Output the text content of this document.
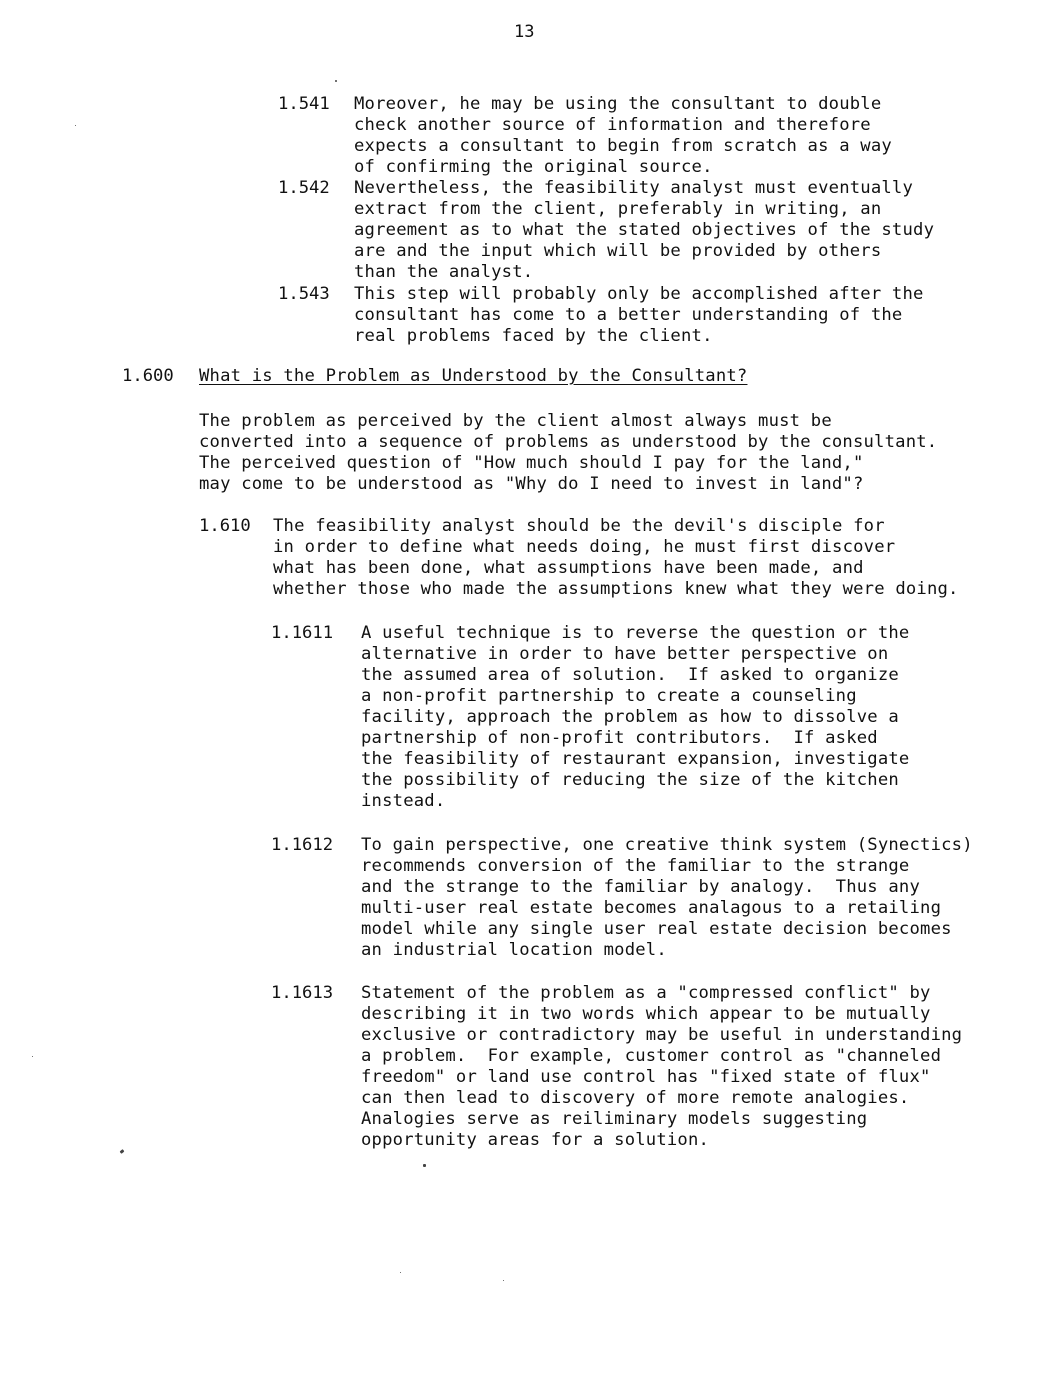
13
1.541 Moreover, he may be using the consultant to double
check another source of information and therefore
expects a consultant to begin from scratch as a way
of confirming the original source.

1.542 Nevertheless, the feasibility analyst must eventually
extract from the client, preferably in writing, an
agreement as to what the stated objectives of the study
are and the input which will be provided by others
than the analyst.

1.543 This step will probably only be accomplished after the
consultant has come to a better understanding of the
real problems faced by the client.

1.600 What is the Problem as Understood by the Consultant?

The problem as perceived by the client almost always must be
converted into a sequence of problems as understood by the consultant.
The perceived question of "How much should I pay for the land,"
may come to be understood as "Why do I need to invest in land"?

1.610 The feasibility analyst should be the devil's disciple for
in order to define what needs doing, he must first discover
what has been done, what assumptions have been made, and
whether those who made the assumptions knew what they were doing.

1.1611 A useful technique is to reverse the question or the
alternative in order to have better perspective on
the assumed area of solution.  If asked to organize
a non-profit partnership to create a counseling
facility, approach the problem as how to dissolve a
partnership of non-profit contributors.  If asked
the feasibility of restaurant expansion, investigate
the possibility of reducing the size of the kitchen
instead.

1.1612 To gain perspective, one creative think system (Synectics)
recommends conversion of the familiar to the strange
and the strange to the familiar by analogy.  Thus any
multi-user real estate becomes analagous to a retailing
model while any single user real estate decision becomes
an industrial location model.

1.1613 Statement of the problem as a "compressed conflict" by
describing it in two words which appear to be mutually
exclusive or contradictory may be useful in understanding
a problem.  For example, customer control as "channeled
freedom" or land use control has "fixed state of flux"
can then lead to discovery of more remote analogies.
Analogies serve as reiliminary models suggesting
opportunity areas for a solution.
